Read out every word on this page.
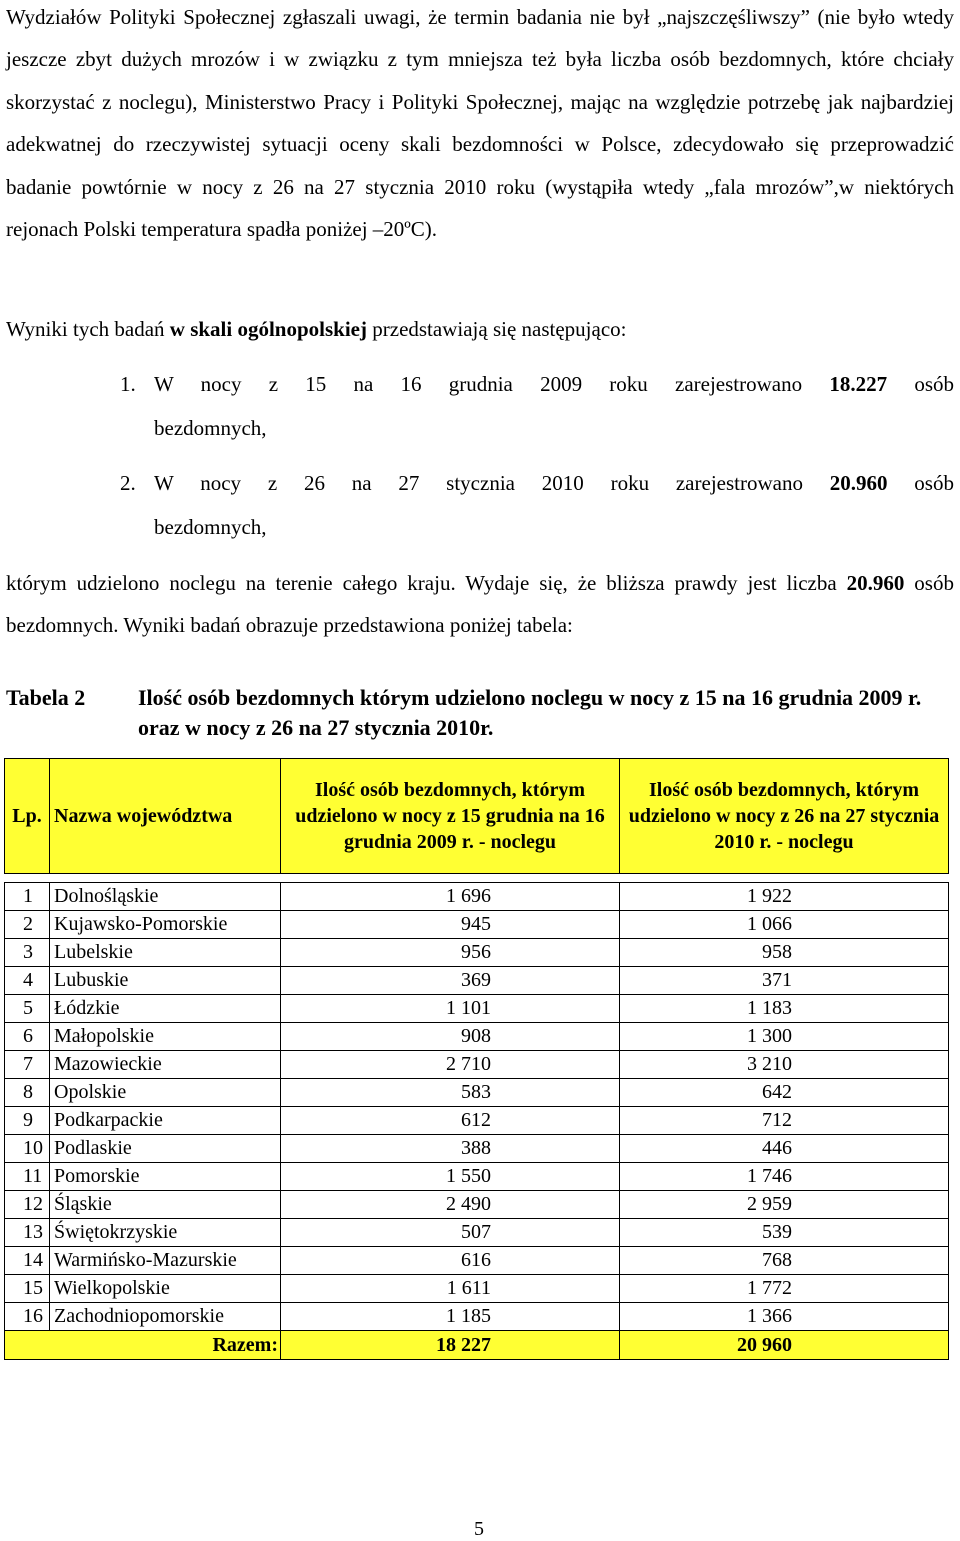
Wydziałów Polityki Społecznej zgłaszali uwagi, że termin badania nie był „najszczęśliwszy” (nie było wtedy jeszcze zbyt dużych mrozów i w związku z tym mniejsza też była liczba osób bezdomnych, które chciały skorzystać z noclegu), Ministerstwo Pracy i Polityki Społecznej, mając na względzie potrzebę jak najbardziej adekwatnej do rzeczywistej sytuacji oceny skali bezdomności w Polsce, zdecydowało się przeprowadzić badanie powtórnie w nocy z 26 na 27 stycznia 2010 roku (wystąpiła wtedy „fala mrozów”,w niektórych rejonach Polski temperatura spadła poniżej –20ºC).

Wyniki tych badań w skali ogólnopolskiej przedstawiają się następująco:

1. W nocy z 15 na 16 grudnia 2009 roku zarejestrowano 18.227 osób
bezdomnych,
2. W nocy z 26 na 27 stycznia 2010 roku zarejestrowano 20.960 osób
bezdomnych,

którym udzielono noclegu na terenie całego kraju. Wydaje się, że bliższa prawdy jest liczba 20.960 osób bezdomnych. Wyniki badań obrazuje przedstawiona poniżej tabela:

Tabela 2 Ilość osób bezdomnych którym udzielono noclegu w nocy z 15 na 16 grudnia 2009 r. oraz w nocy z 26 na 27 stycznia 2010r.
Lp.	Nazwa województwa	Ilość osób bezdomnych, którym udzielono w nocy z 15 grudnia na 16 grudnia 2009 r. - noclegu	Ilość osób bezdomnych, którym udzielono w nocy z 26 na 27 stycznia 2010 r. - noclegu

1	Dolnośląskie	1 696	1 922
2	Kujawsko-Pomorskie	945	1 066
3	Lubelskie	956	958
4	Lubuskie	369	371
5	Łódzkie	1 101	1 183
6	Małopolskie	908	1 300
7	Mazowieckie	2 710	3 210
8	Opolskie	583	642
9	Podkarpackie	612	712
10	Podlaskie	388	446
11	Pomorskie	1 550	1 746
12	Śląskie	2 490	2 959
13	Świętokrzyskie	507	539
14	Warmińsko-Mazurskie	616	768
15	Wielkopolskie	1 611	1 772
16	Zachodniopomorskie	1 185	1 366
Razem:		18 227	20 960
5
